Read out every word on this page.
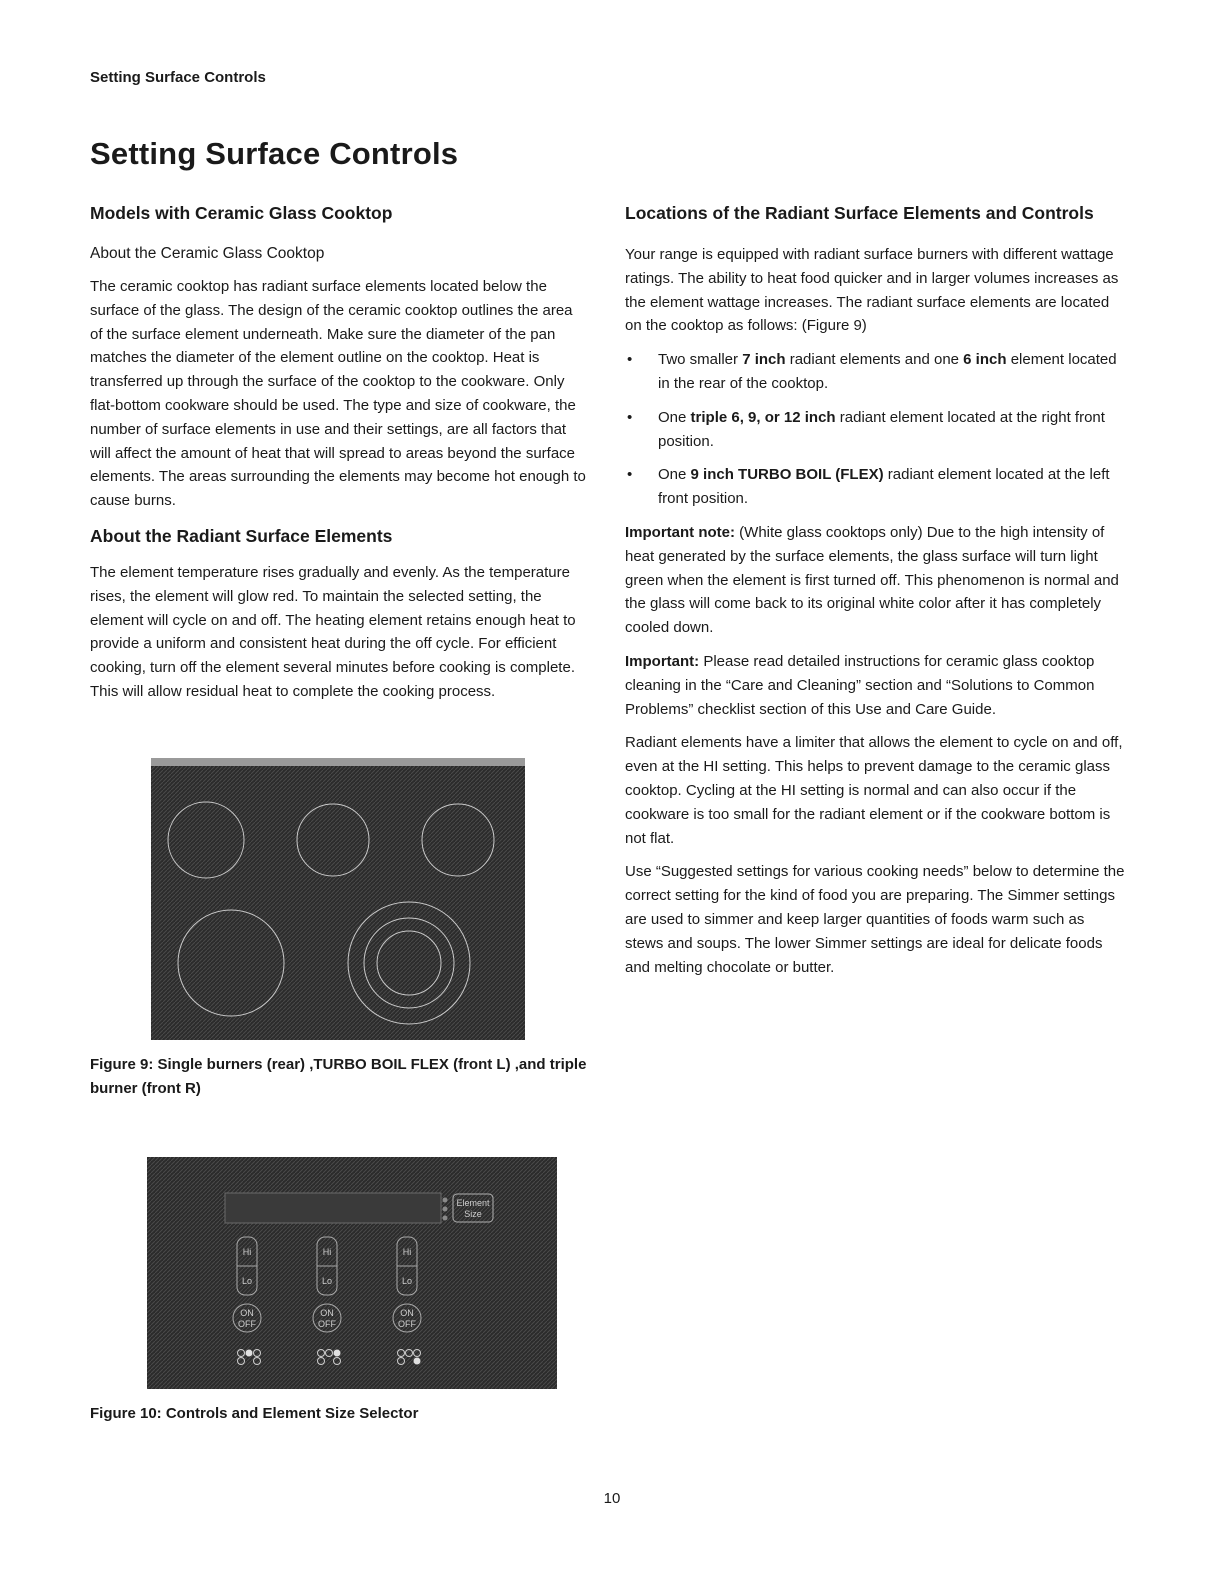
Setting Surface Controls
Setting Surface Controls
Models with Ceramic Glass Cooktop
About the Ceramic Glass Cooktop

The ceramic cooktop has radiant surface elements located below the surface of the glass. The design of the ceramic cooktop outlines the area of the surface element underneath. Make sure the diameter of the pan matches the diameter of the element outline on the cooktop. Heat is transferred up through the surface of the cooktop to the cookware. Only flat-bottom cookware should be used. The type and size of cookware, the number of surface elements in use and their settings, are all factors that will affect the amount of heat that will spread to areas beyond the surface elements. The areas surrounding the elements may become hot enough to cause burns.

About the Radiant Surface Elements

The element temperature rises gradually and evenly. As the temperature rises, the element will glow red. To maintain the selected setting, the element will cycle on and off. The heating element retains enough heat to provide a uniform and consistent heat during the off cycle. For efficient cooking, turn off the element several minutes before cooking is complete. This will allow residual heat to complete the cooking process.

Figure 9: Single burners (rear) ,TURBO BOIL FLEX (front L) ,and triple burner (front R)

Element
Size
Hi
Lo
ON
OFF
Hi
Lo
ON
OFF
Hi
Lo
ON
OFF

Figure 10: Controls and Element Size Selector

Locations of the Radiant Surface Elements and Controls

Your range is equipped with radiant surface burners with different wattage ratings. The ability to heat food quicker and in larger volumes increases as the element wattage increases. The radiant surface elements are located on the cooktop as follows: (Figure 9)

• Two smaller 7 inch radiant elements and one 6 inch element located in the rear of the cooktop.
• One triple 6, 9, or 12 inch radiant element located at the right front position.
• One 9 inch TURBO BOIL (FLEX) radiant element located at the left front position.

Important note: (White glass cooktops only) Due to the high intensity of heat generated by the surface elements, the glass surface will turn light green when the element is first turned off. This phenomenon is normal and the glass will come back to its original white color after it has completely cooled down.

Important: Please read detailed instructions for ceramic glass cooktop cleaning in the “Care and Cleaning” section and “Solutions to Common Problems” checklist section of this Use and Care Guide.

Radiant elements have a limiter that allows the element to cycle on and off, even at the HI setting. This helps to prevent damage to the ceramic glass cooktop. Cycling at the HI setting is normal and can also occur if the cookware is too small for the radiant element or if the cookware bottom is not flat.

Use “Suggested settings for various cooking needs” below to determine the correct setting for the kind of food you are preparing. The Simmer settings are used to simmer and keep larger quantities of foods warm such as stews and soups. The lower Simmer settings are ideal for delicate foods and melting chocolate or butter.

10
